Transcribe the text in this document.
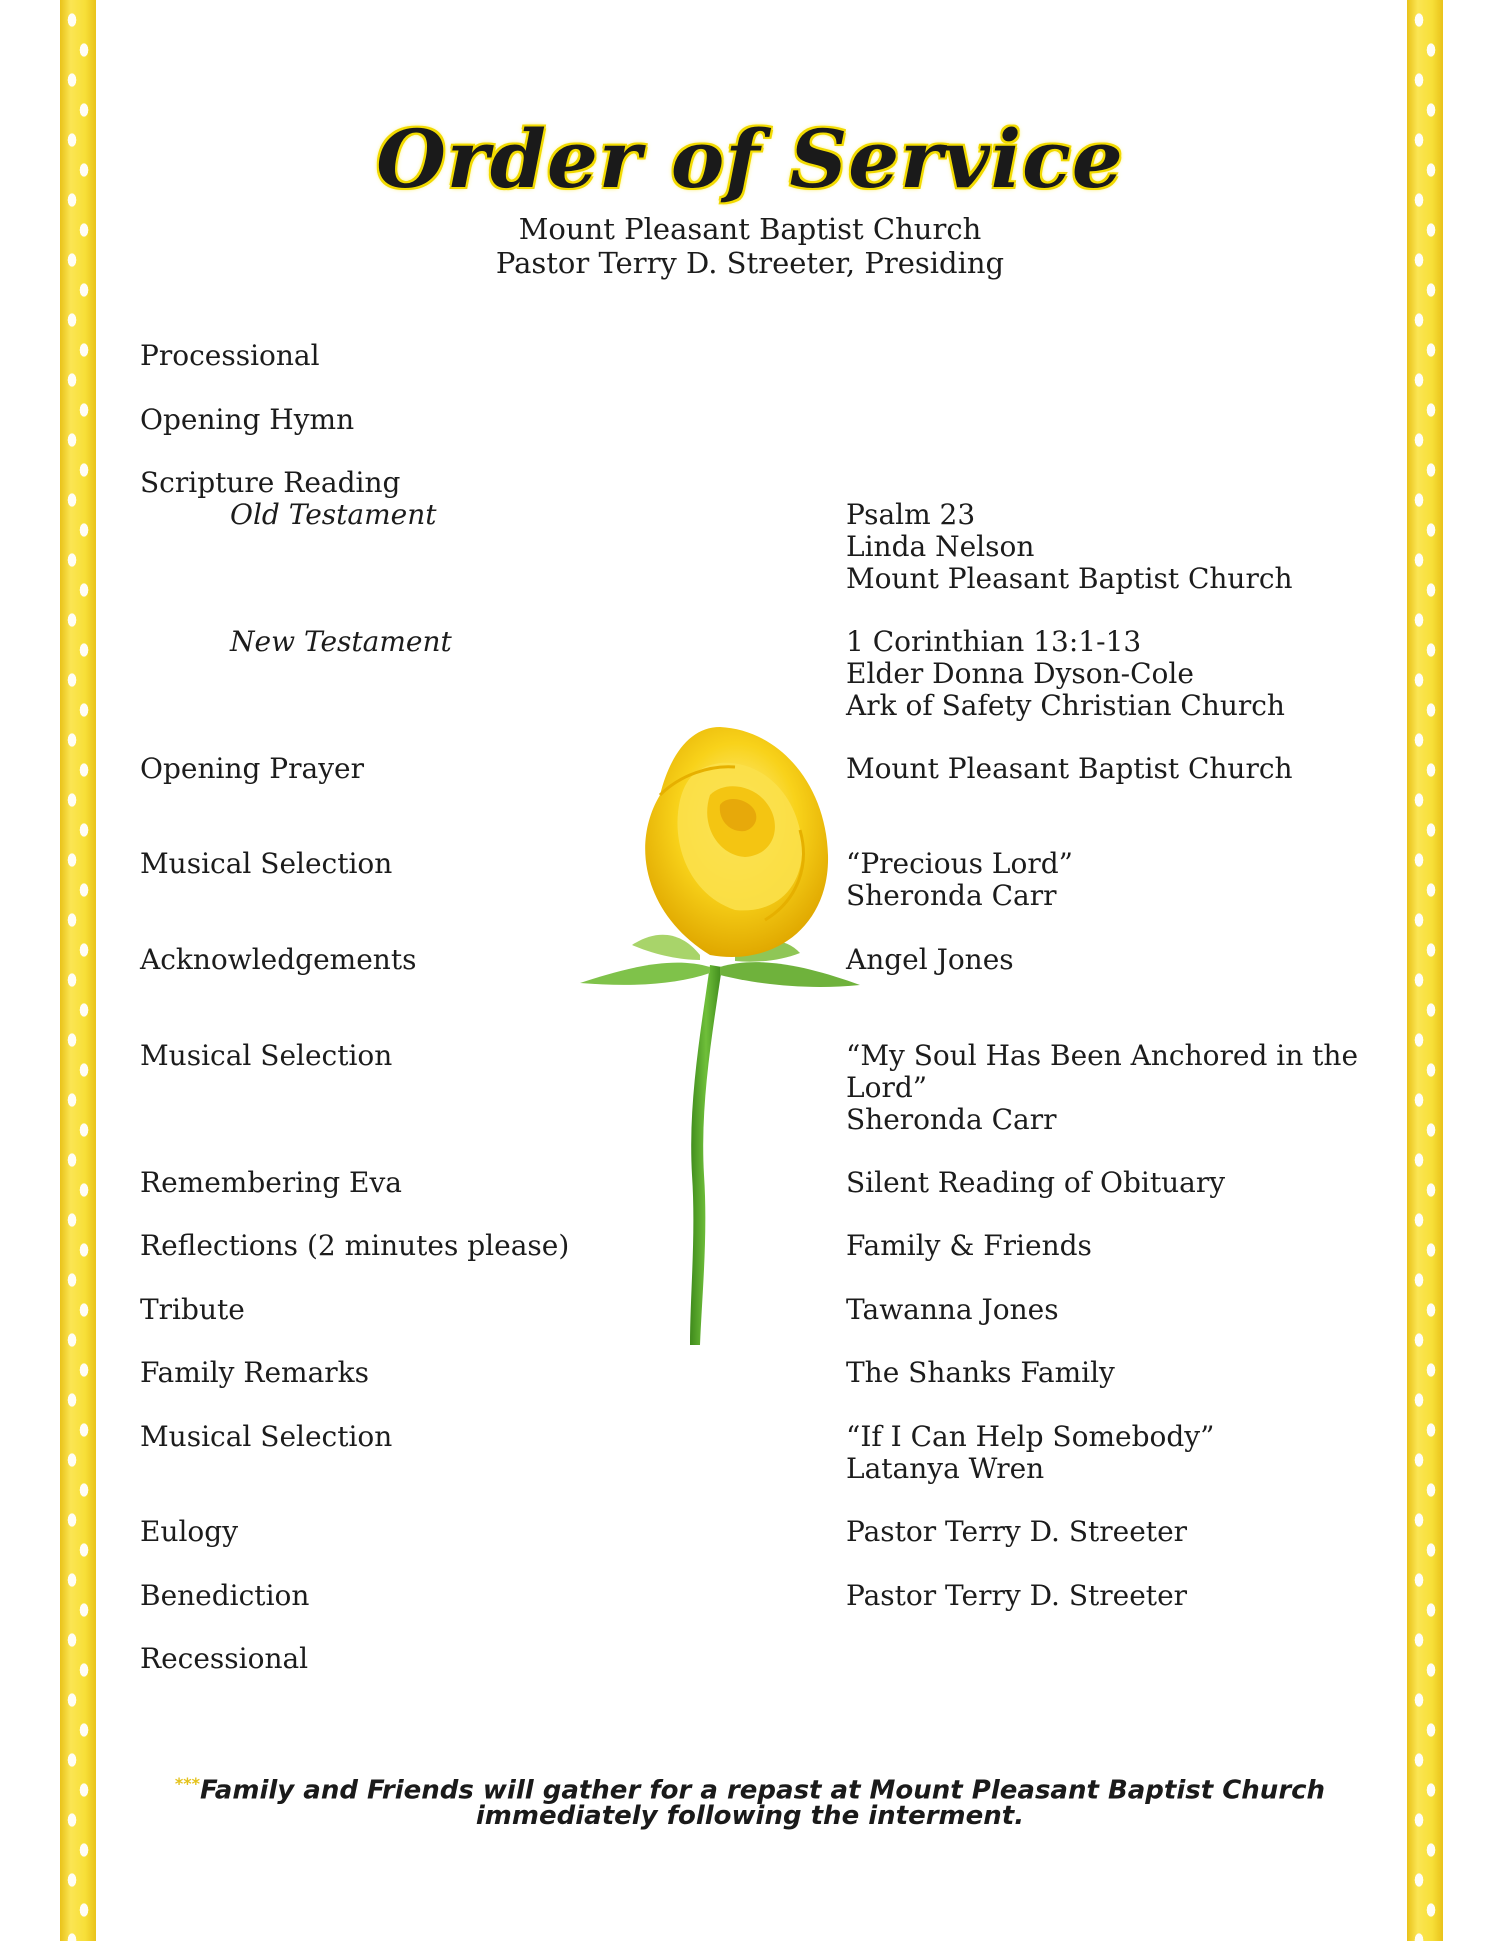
Order of Service
Mount Pleasant Baptist Church
Pastor Terry D. Streeter, Presiding
Processional
Opening Hymn
Scripture Reading
Old Testament
New Testament
Opening Prayer
Musical Selection
Acknowledgements
Musical Selection
Remembering Eva
Reflections (2 minutes please)
Tribute
Family Remarks
Musical Selection
Eulogy
Benediction
Recessional
Psalm 23
Linda Nelson
Mount Pleasant Baptist Church
1 Corinthian 13:1-13
Elder Donna Dyson-Cole
Ark of Safety Christian Church
Mount Pleasant Baptist Church
“Precious Lord”
Sheronda Carr
Angel Jones
“My Soul Has Been Anchored in the
Lord”
Sheronda Carr
Silent Reading of Obituary
Family & Friends
Tawanna Jones
The Shanks Family
“If I Can Help Somebody”
Latanya Wren
Pastor Terry D. Streeter
Pastor Terry D. Streeter
***Family and Friends will gather for a repast at Mount Pleasant Baptist Church
immediately following the interment.
